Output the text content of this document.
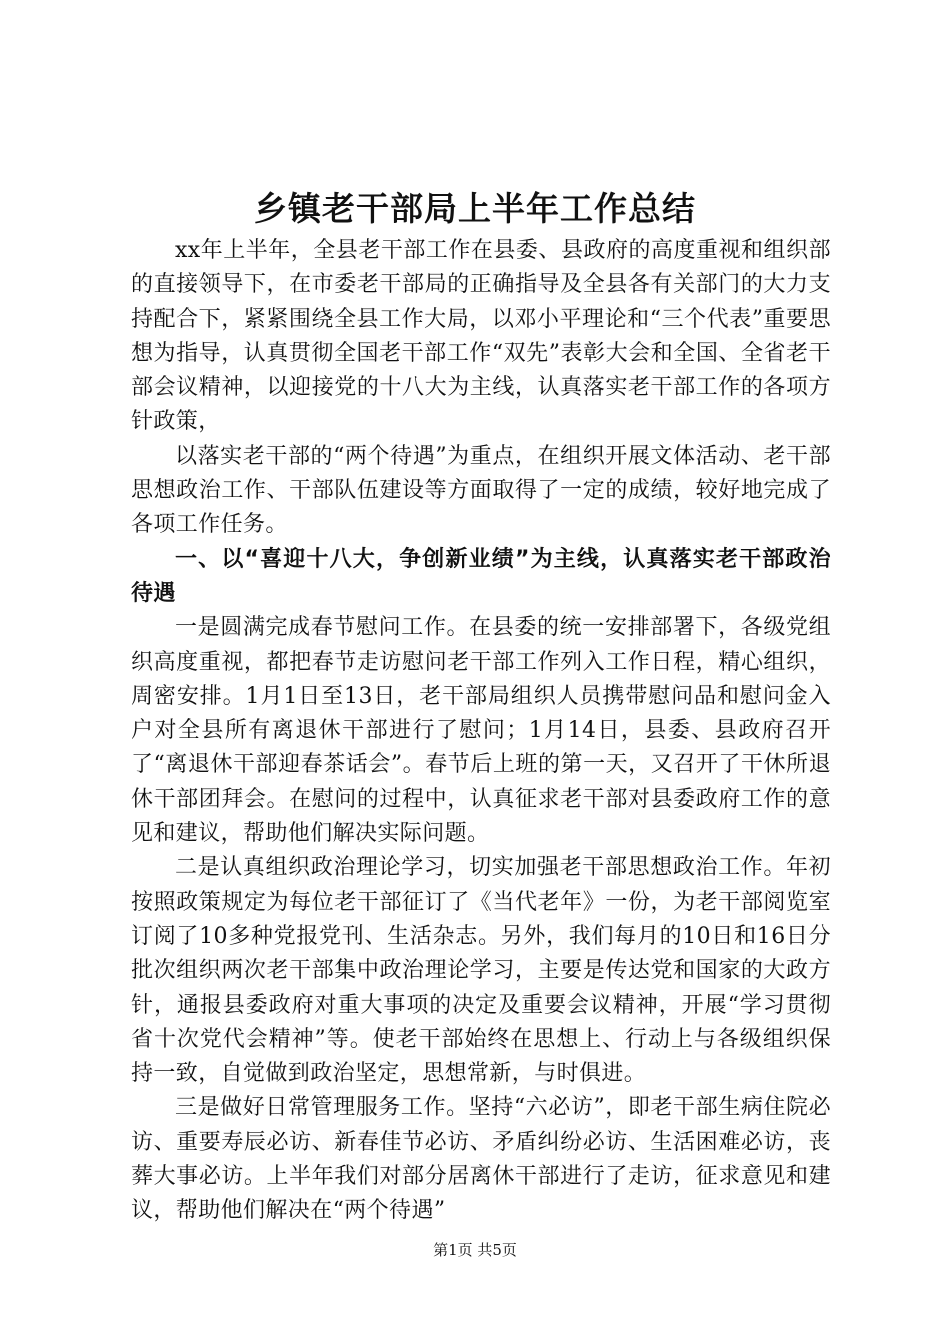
乡镇老干部局上半年工作总结

xx年上半年，全县老干部工作在县委、县政府的高度重视和组织部的直接领导下，在市委老干部局的正确指导及全县各有关部门的大力支持配合下，紧紧围绕全县工作大局，以邓小平理论和“三个代表”重要思想为指导，认真贯彻全国老干部工作“双先”表彰大会和全国、全省老干部会议精神，以迎接党的十八大为主线，认真落实老干部工作的各项方针政策，

以落实老干部的“两个待遇”为重点，在组织开展文体活动、老干部思想政治工作、干部队伍建设等方面取得了一定的成绩，较好地完成了各项工作任务。

一、以“喜迎十八大，争创新业绩”为主线，认真落实老干部政治待遇

一是圆满完成春节慰问工作。在县委的统一安排部署下，各级党组织高度重视，都把春节走访慰问老干部工作列入工作日程，精心组织，周密安排。1月1日至13日，老干部局组织人员携带慰问品和慰问金入户对全县所有离退休干部进行了慰问；1月14日，县委、县政府召开了“离退休干部迎春茶话会”。春节后上班的第一天，又召开了干休所退休干部团拜会。在慰问的过程中，认真征求老干部对县委政府工作的意见和建议，帮助他们解决实际问题。

二是认真组织政治理论学习，切实加强老干部思想政治工作。年初按照政策规定为每位老干部征订了《当代老年》一份，为老干部阅览室订阅了10多种党报党刊、生活杂志。另外，我们每月的10日和16日分批次组织两次老干部集中政治理论学习，主要是传达党和国家的大政方针，通报县委政府对重大事项的决定及重要会议精神，开展“学习贯彻省十次党代会精神”等。使老干部始终在思想上、行动上与各级组织保持一致，自觉做到政治坚定，思想常新，与时俱进。

三是做好日常管理服务工作。坚持“六必访”，即老干部生病住院必访、重要寿辰必访、新春佳节必访、矛盾纠纷必访、生活困难必访，丧葬大事必访。上半年我们对部分居离休干部进行了走访，征求意见和建议，帮助他们解决在“两个待遇”

第1页 共5页
